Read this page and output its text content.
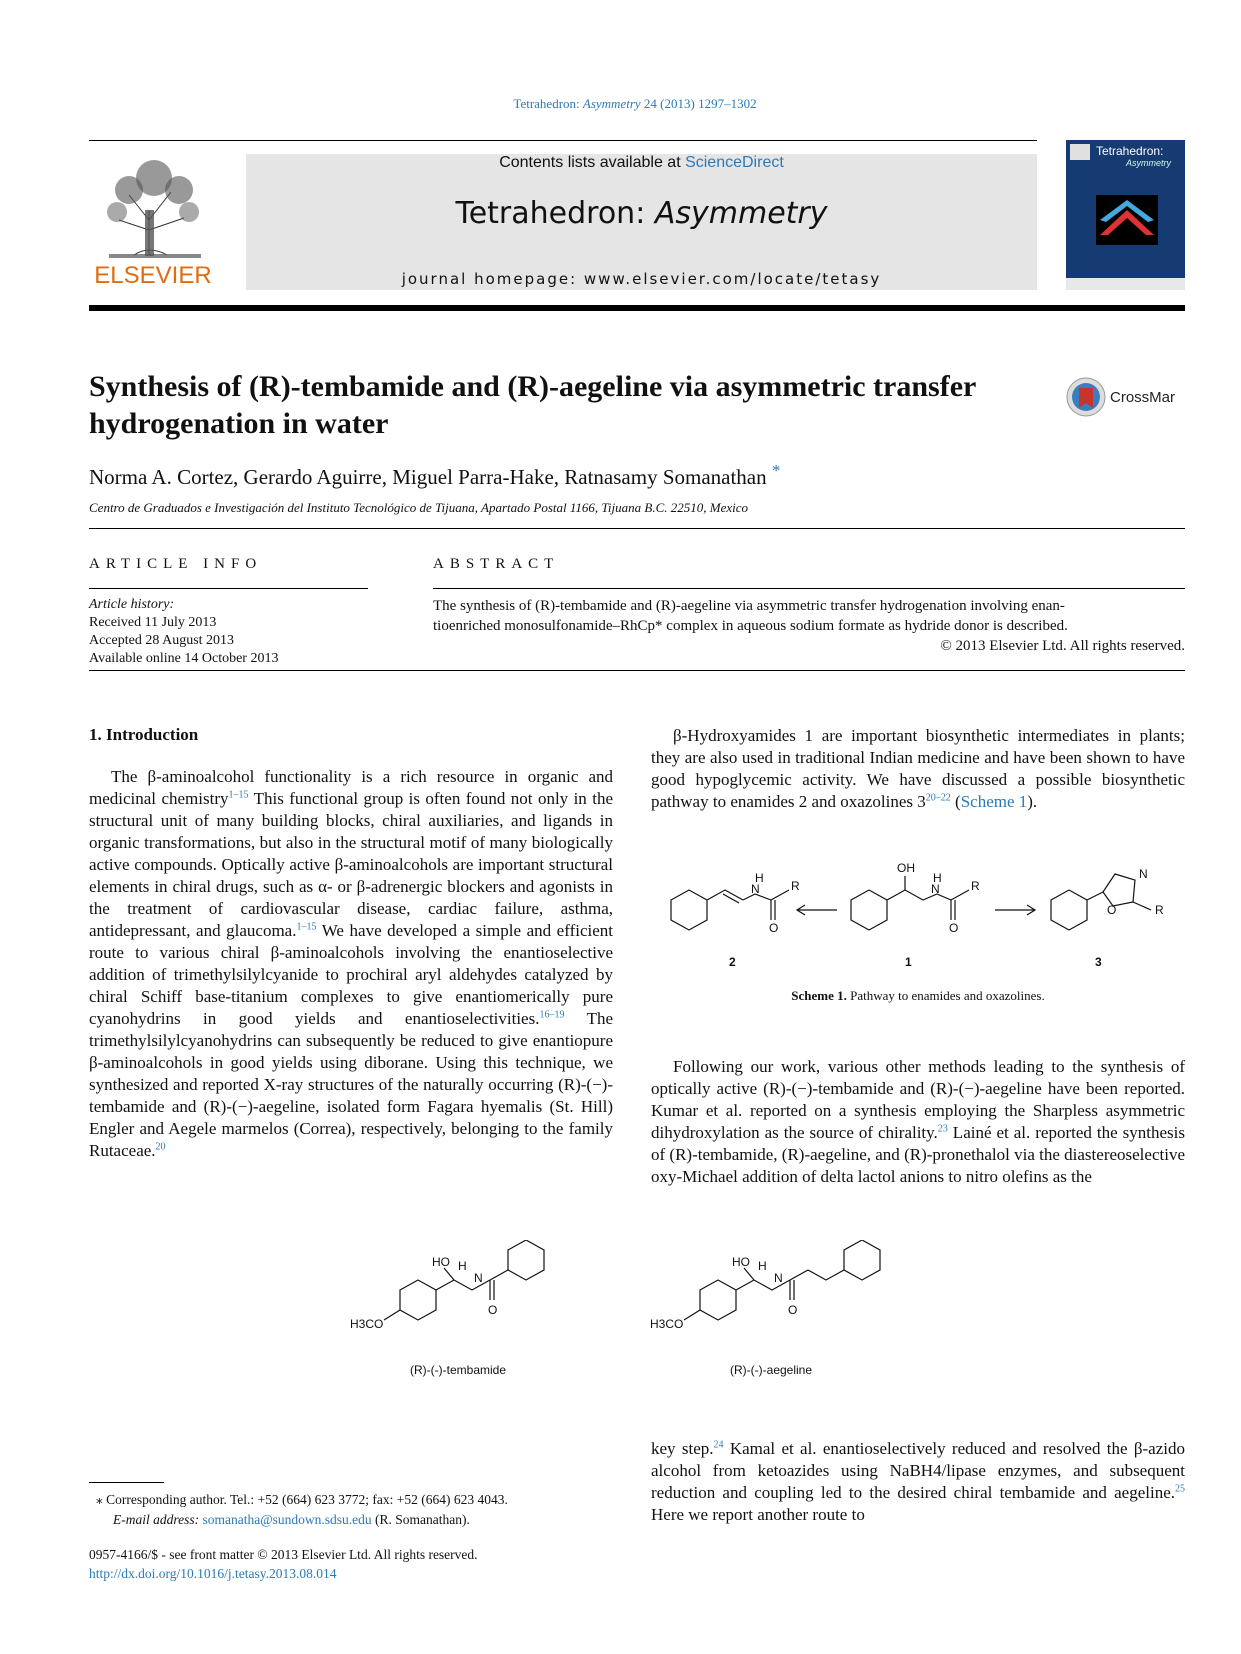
Tetrahedron: Asymmetry 24 (2013) 1297–1302
ELSEVIER
Contents lists available at ScienceDirect
Tetrahedron: Asymmetry
journal homepage: www.elsevier.com/locate/tetasy
Tetrahedron:
Asymmetry
Synthesis of (R)-tembamide and (R)-aegeline via asymmetric transfer
hydrogenation in water
CrossMark
Norma A. Cortez, Gerardo Aguirre, Miguel Parra-Hake, Ratnasamy Somanathan *
Centro de Graduados e Investigación del Instituto Tecnológico de Tijuana, Apartado Postal 1166, Tijuana B.C. 22510, Mexico
ARTICLE INFO
Article history:
Received 11 July 2013
Accepted 28 August 2013
Available online 14 October 2013
ABSTRACT
The synthesis of (R)-tembamide and (R)-aegeline via asymmetric transfer hydrogenation involving enan-
tioenriched monosulfonamide–RhCp* complex in aqueous sodium formate as hydride donor is described.
© 2013 Elsevier Ltd. All rights reserved.
1. Introduction
The β-aminoalcohol functionality is a rich resource in organic and medicinal chemistry$^{1-15}$ This functional group is often found not only in the structural unit of many building blocks, chiral auxiliaries, and ligands in organic transformations, but also in the structural motif of many biologically active compounds. Optically active β-aminoalcohols are important structural elements in chiral drugs, such as α- or β-adrenergic blockers and agonists in the treatment of cardiovascular disease, cardiac failure, asthma, antidepressant, and glaucoma.$^{1-15}$ We have developed a simple and efficient route to various chiral β-aminoalcohols involving the enantioselective addition of trimethylsilylcyanide to prochiral aryl aldehydes catalyzed by chiral Schiff base-titanium complexes to give enantiomerically pure cyanohydrins in good yields and enantioselectivities.$^{16-19}$ The trimethylsilylcyanohydrins can subsequently be reduced to give enantiopure β-aminoalcohols in good yields using diborane. Using this technique, we synthesized and reported X-ray structures of the naturally occurring (R)-(−)-tembamide and (R)-(−)-aegeline, isolated form Fagara hyemalis (St. Hill) Engler and Aegele marmelos (Correa), respectively, belonging to the family Rutaceae.$^{20}$
β-Hydroxyamides 1 are important biosynthetic intermediates in plants; they are also used in traditional Indian medicine and have been shown to have good hypoglycemic activity. We have discussed a possible biosynthetic pathway to enamides 2 and oxazolines 3$^{20-22}$ (Scheme 1).
H
N	R
O
OH
H
N	R
O
N
O	R
2	1	3
Scheme 1. Pathway to enamides and oxazolines.
Following our work, various other methods leading to the synthesis of optically active (R)-(−)-tembamide and (R)-(−)-aegeline have been reported. Kumar et al. reported on a synthesis employing the Sharpless asymmetric dihydroxylation as the source of chirality.$^{23}$ Lainé et al. reported the synthesis of (R)-tembamide, (R)-aegeline, and (R)-pronethalol via the diastereoselective oxy-Michael addition of delta lactol anions to nitro olefins as the
HO H
N
O
H3CO
HO H
N
O
H3CO
(R)-(-)-tembamide	(R)-(-)-aegeline
key step.$^{24}$ Kamal et al. enantioselectively reduced and resolved the β-azido alcohol from ketoazides using NaBH4/lipase enzymes, and subsequent reduction and coupling led to the desired chiral tembamide and aegeline.$^{25}$ Here we report another route to
⁎ Corresponding author. Tel.: +52 (664) 623 3772; fax: +52 (664) 623 4043.
E-mail address: somanatha@sundown.sdsu.edu (R. Somanathan).
0957-4166/$ - see front matter © 2013 Elsevier Ltd. All rights reserved.
http://dx.doi.org/10.1016/j.tetasy.2013.08.014
